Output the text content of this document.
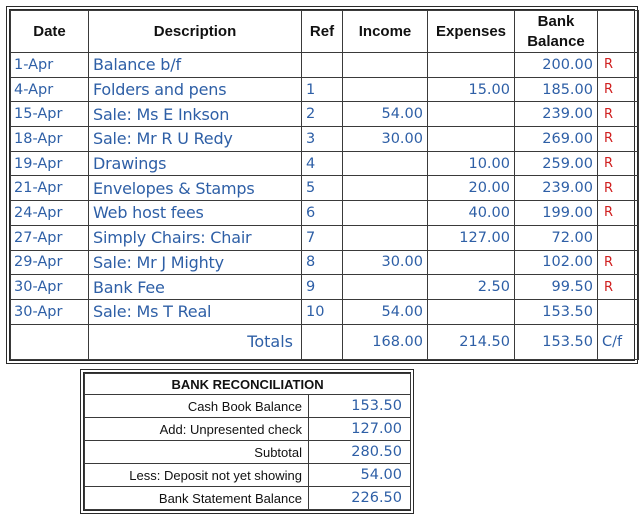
Date	Description	Ref	Income	Expenses	Bank
Balance	
1-Apr	Balance b/f				200.00	R
4-Apr	Folders and pens	1		15.00	185.00	R
15-Apr	Sale: Ms E Inkson	2	54.00		239.00	R
18-Apr	Sale: Mr R U Redy	3	30.00		269.00	R
19-Apr	Drawings	4		10.00	259.00	R
21-Apr	Envelopes & Stamps	5		20.00	239.00	R
24-Apr	Web host fees	6		40.00	199.00	R
27-Apr	Simply Chairs: Chair	7		127.00	72.00	
29-Apr	Sale: Mr J Mighty	8	30.00		102.00	R
30-Apr	Bank Fee	9		2.50	99.50	R
30-Apr	Sale: Ms T Real	10	54.00		153.50	
	Totals		168.00	214.50	153.50	C/f
BANK RECONCILIATION	
Cash Book Balance	153.50
Add: Unpresented check	127.00
Subtotal	280.50
Less: Deposit not yet showing	54.00
Bank Statement Balance	226.50
